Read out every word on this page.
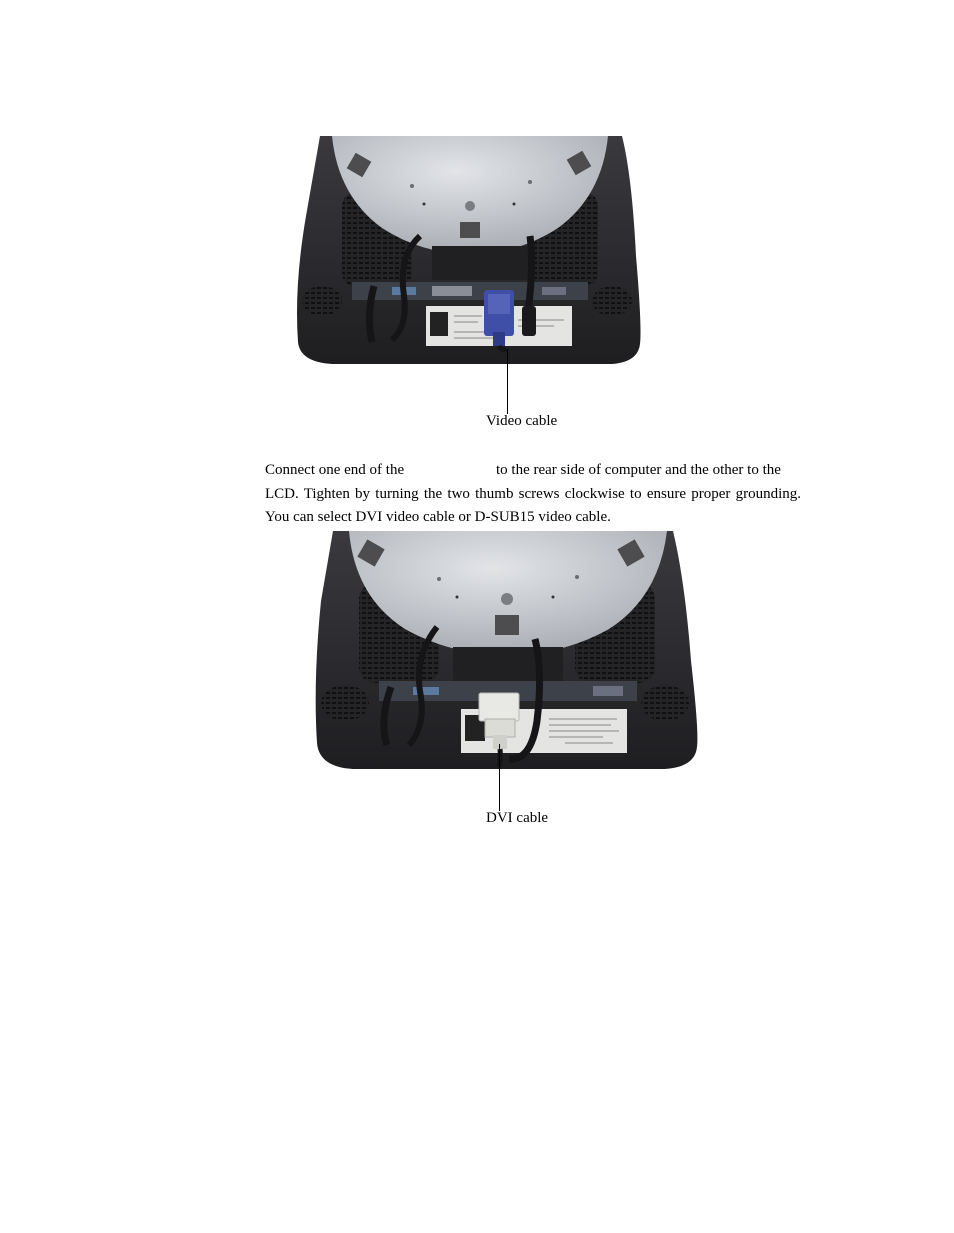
Video cable
Connect one end of the	to the rear side of computer and the other to the
LCD. Tighten by turning the two thumb screws clockwise to ensure proper grounding.
You can select DVI video cable or D-SUB15 video cable.
DVI cable
